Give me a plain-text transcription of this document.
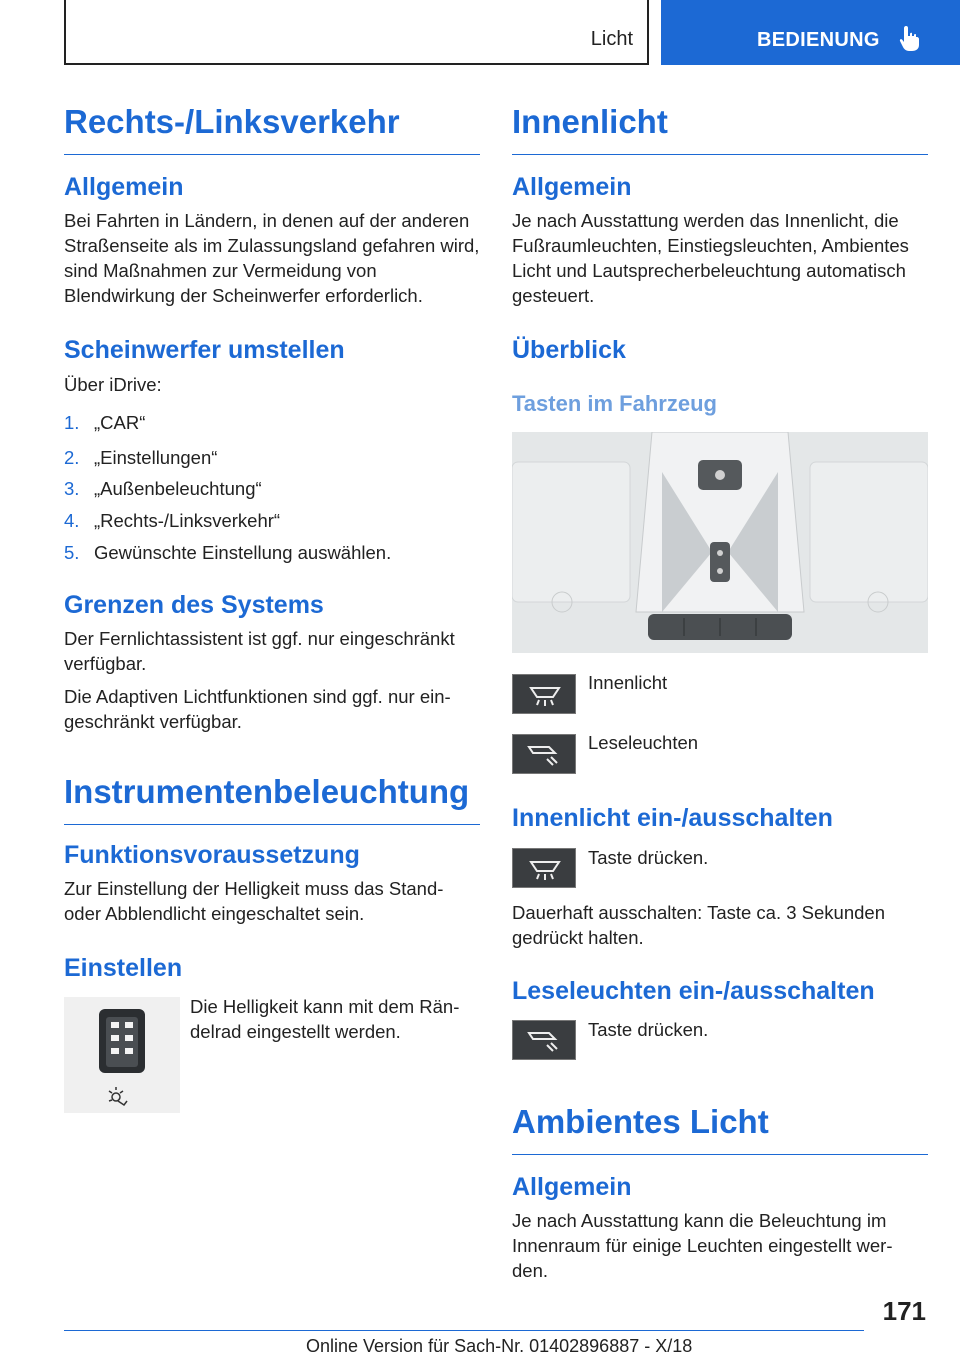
Licht	BEDIENUNG
Rechts-/Linksverkehr
Allgemein

Bei Fahrten in Ländern, in denen auf der anderen Straßenseite als im Zulassungsland gefahren wird, sind Maßnahmen zur Vermeidung von Blendwirkung der Scheinwerfer erforderlich.

Scheinwerfer umstellen

Über iDrive:

1. „CAR“
2. „Einstellungen“
3. „Außenbeleuchtung“
4. „Rechts-/Linksverkehr“
5. Gewünschte Einstellung auswählen.
Grenzen des Systems

Der Fernlichtassistent ist ggf. nur eingeschränkt verfügbar.

Die Adaptiven Lichtfunktionen sind ggf. nur ein-geschränkt verfügbar.

Instrumentenbeleuchtung
Funktionsvoraussetzung

Zur Einstellung der Helligkeit muss das Stand- oder Abblendlicht eingeschaltet sein.

Einstellen

Die Helligkeit kann mit dem Rän-delrad eingestellt werden.

Innenlicht
Allgemein

Je nach Ausstattung werden das Innenlicht, die Fußraumleuchten, Einstiegsleuchten, Ambientes Licht und Lautsprecherbeleuchtung automatisch gesteuert.

Überblick
Tasten im Fahrzeug

Innenlicht

Leseleuchten

Innenlicht ein-/ausschalten

Taste drücken.

Dauerhaft ausschalten: Taste ca. 3 Sekunden gedrückt halten.

Leseleuchten ein-/ausschalten

Taste drücken.

Ambientes Licht
Allgemein

Je nach Ausstattung kann die Beleuchtung im Innenraum für einige Leuchten eingestellt wer-den.

171
Online Version für Sach-Nr. 01402896887 - X/18
